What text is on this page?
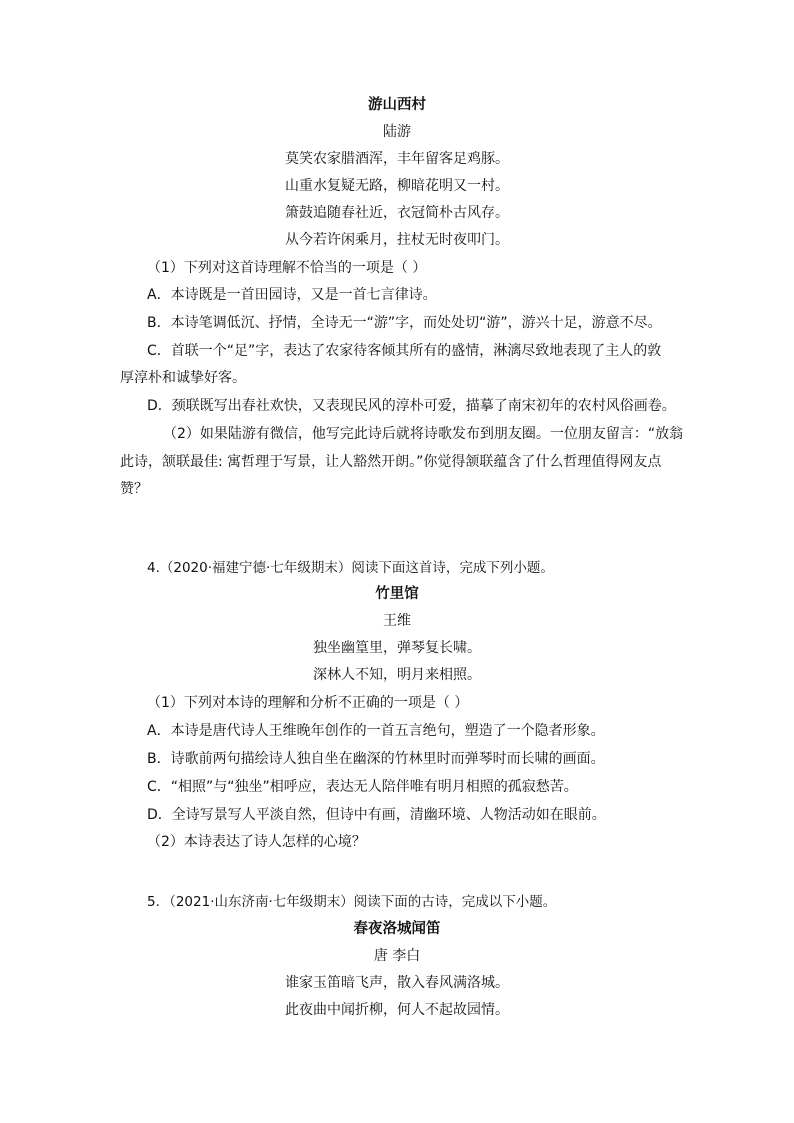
游山西村
陆游
莫笑农家腊酒浑，丰年留客足鸡豚。
山重水复疑无路，柳暗花明又一村。
箫鼓追随春社近，衣冠简朴古风存。
从今若许闲乘月，拄杖无时夜叩门。
（1）下列对这首诗理解不恰当的一项是（ ）
A．本诗既是一首田园诗，又是一首七言律诗。
B．本诗笔调低沉、抒情，全诗无一“游”字，而处处切“游”，游兴十足，游意不尽。
C．首联一个“足”字，表达了农家待客倾其所有的盛情，淋漓尽致地表现了主人的敦
厚淳朴和诚挚好客。
D．颈联既写出春社欢快，又表现民风的淳朴可爱，描摹了南宋初年的农村风俗画卷。
（2）如果陆游有微信，他写完此诗后就将诗歌发布到朋友圈。一位朋友留言：“放翁
此诗，颔联最佳: 寓哲理于写景，让人豁然开朗。”你觉得颔联蕴含了什么哲理值得网友点
赞？
4.（2020·福建宁德·七年级期末）阅读下面这首诗，完成下列小题。
竹里馆
王维
独坐幽篁里，弹琴复长啸。
深林人不知，明月来相照。
（1）下列对本诗的理解和分析不正确的一项是（ ）
A．本诗是唐代诗人王维晚年创作的一首五言绝句，塑造了一个隐者形象。
B．诗歌前两句描绘诗人独自坐在幽深的竹林里时而弹琴时而长啸的画面。
C．“相照”与“独坐”相呼应，表达无人陪伴唯有明月相照的孤寂愁苦。
D．全诗写景写人平淡自然，但诗中有画，清幽环境、人物活动如在眼前。
（2）本诗表达了诗人怎样的心境？
5．（2021·山东济南·七年级期末）阅读下面的古诗，完成以下小题。
春夜洛城闻笛
唐 李白
谁家玉笛暗飞声，散入春风满洛城。
此夜曲中闻折柳，何人不起故园情。
